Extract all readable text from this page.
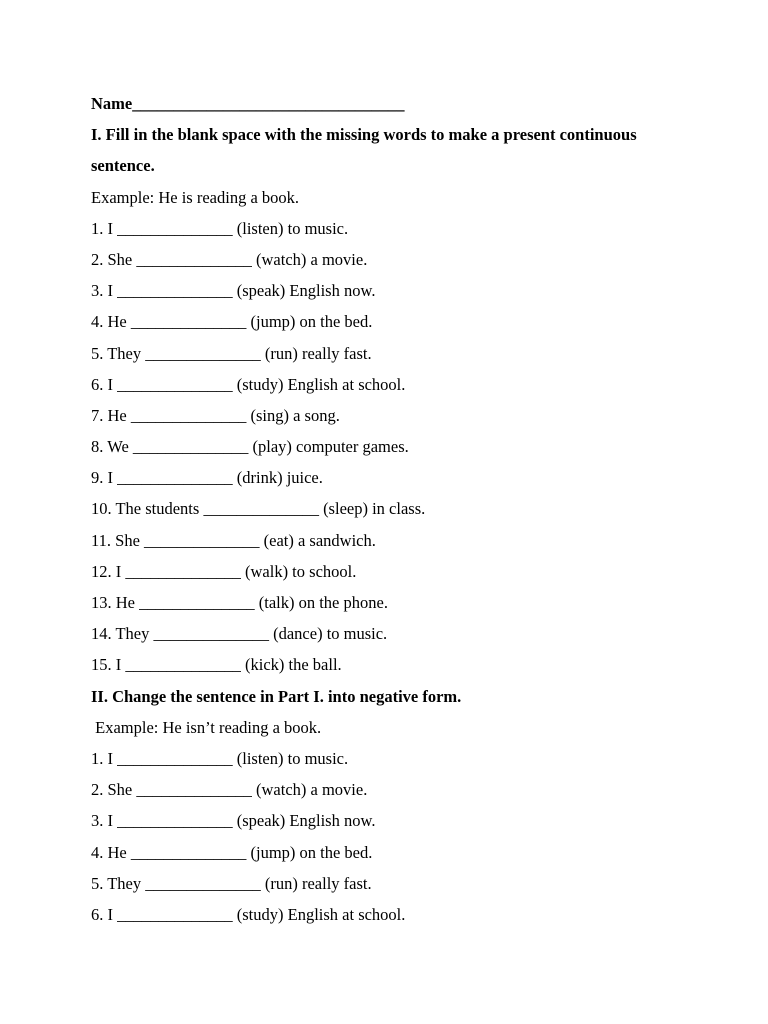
Name_________________________________
I. Fill in the blank space with the missing words to make a present continuous
sentence.
Example: He is reading a book.
1. I ______________ (listen) to music.
2. She ______________ (watch) a movie.
3. I ______________ (speak) English now.
4. He ______________ (jump) on the bed.
5. They ______________ (run) really fast.
6. I ______________ (study) English at school.
7. He ______________ (sing) a song.
8. We ______________ (play) computer games.
9. I ______________ (drink) juice.
10. The students ______________ (sleep) in class.
11. She ______________ (eat) a sandwich.
12. I ______________ (walk) to school.
13. He ______________ (talk) on the phone.
14. They ______________ (dance) to music.
15. I ______________ (kick) the ball.
II. Change the sentence in Part I. into negative form.
Example: He isn’t reading a book.
1. I ______________ (listen) to music.
2. She ______________ (watch) a movie.
3. I ______________ (speak) English now.
4. He ______________ (jump) on the bed.
5. They ______________ (run) really fast.
6. I ______________ (study) English at school.
